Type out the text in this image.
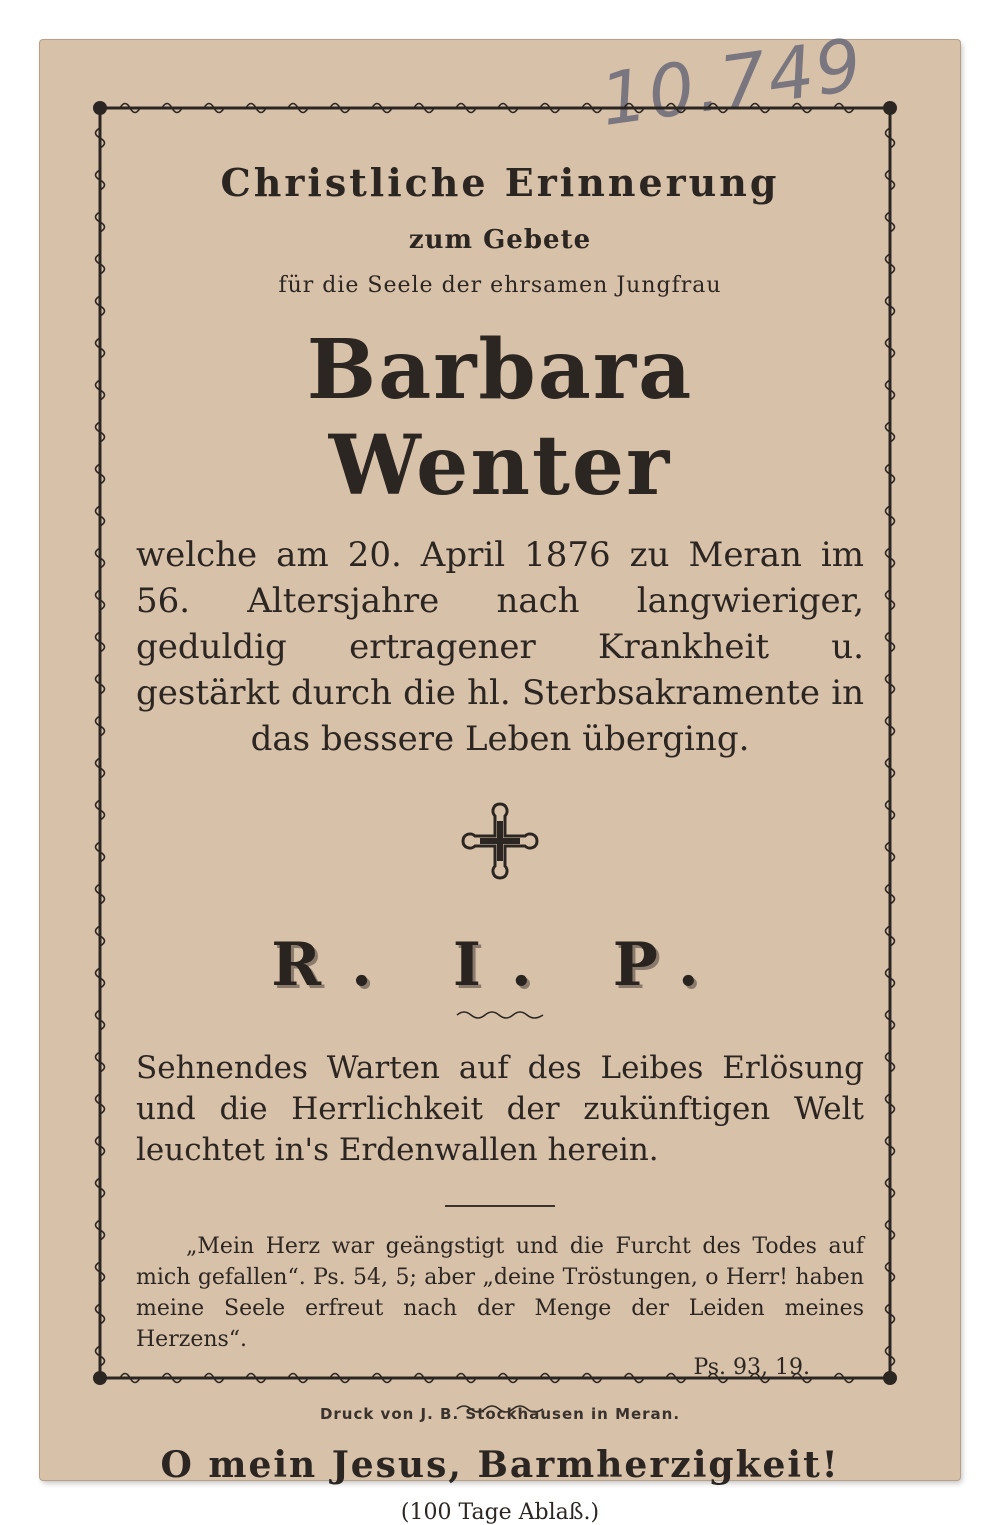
10.749
Christliche Erinnerung
zum Gebete
für die Seele der ehrsamen Jungfrau
Barbara Wenter
welche am 20. April 1876 zu Meran im 56. Altersjahre nach langwieriger, geduldig ertragener Krankheit u. gestärkt durch die hl. Sterbsakramente in das bessere Leben überging.
R. I. P.
Sehnendes Warten auf des Leibes Erlösung und die Herrlichkeit der zukünftigen Welt leuchtet in's Erdenwallen herein.
„Mein Herz war geängstigt und die Furcht des Todes auf mich gefallen“. Ps. 54, 5; aber „deine Tröstungen, o Herr! haben meine Seele erfreut nach der Menge der Leiden meines Herzens“.
Ps. 93, 19.
O mein Jesus, Barmherzigkeit!
(100 Tage Ablaß.)
Druck von J. B. Stockhausen in Meran.
